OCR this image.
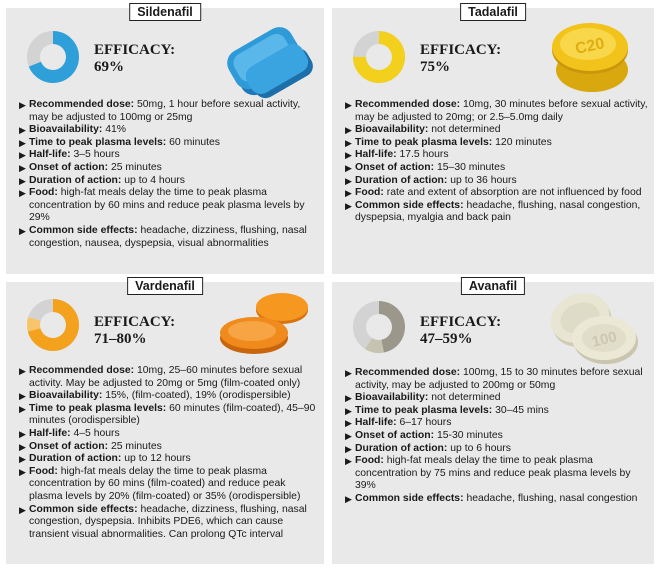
Sildenafil
EFFICACY:
69%
▶ Recommended dose: 50mg, 1 hour before sexual activity, may be adjusted to 100mg or 25mg
▶ Bioavailability: 41%
▶ Time to peak plasma levels: 60 minutes
▶ Half-life: 3–5 hours
▶ Onset of action: 25 minutes
▶ Duration of action: up to 4 hours
▶ Food: high-fat meals delay the time to peak plasma concentration by 60 mins and reduce peak plasma levels by 29%
▶ Common side effects: headache, dizziness, flushing, nasal congestion, nausea, dyspepsia, visual abnormalities
Tadalafil
EFFICACY:
75%
C20
▶ Recommended dose: 10mg, 30 minutes before sexual activity, may be adjusted to 20mg; or 2.5–5.0mg daily
▶ Bioavailability: not determined
▶ Time to peak plasma levels: 120 minutes
▶ Half-life: 17.5 hours
▶ Onset of action: 15–30 minutes
▶ Duration of action: up to 36 hours
▶ Food: rate and extent of absorption are not influenced by food
▶ Common side effects: headache, flushing, nasal congestion, dyspepsia, myalgia and back pain
Vardenafil
EFFICACY:
71–80%
▶ Recommended dose: 10mg, 25–60 minutes before sexual activity. May be adjusted to 20mg or 5mg (film-coated only)
▶ Bioavailability: 15%, (film-coated), 19% (orodispersible)
▶ Time to peak plasma levels: 60 minutes (film-coated), 45–90 minutes (orodispersible)
▶ Half-life: 4–5 hours
▶ Onset of action: 25 minutes
▶ Duration of action: up to 12 hours
▶ Food: high-fat meals delay the time to peak plasma concentration by 60 mins (film-coated) and reduce peak plasma levels by 20% (film-coated) or 35% (orodispersible)
▶ Common side effects: headache, dizziness, flushing, nasal congestion, dyspepsia. Inhibits PDE6, which can cause transient visual abnormalities. Can prolong QTc interval
Avanafil
EFFICACY:
47–59%	100
▶ Recommended dose: 100mg, 15 to 30 minutes before sexual activity, may be adjusted to 200mg or 50mg
▶ Bioavailability: not determined
▶ Time to peak plasma levels: 30–45 mins
▶ Half-life: 6–17 hours
▶ Onset of action: 15-30 minutes
▶ Duration of action: up to 6 hours
▶ Food: high-fat meals delay the time to peak plasma concentration by 75 mins and reduce peak plasma levels by 39%
▶ Common side effects: headache, flushing, nasal congestion
